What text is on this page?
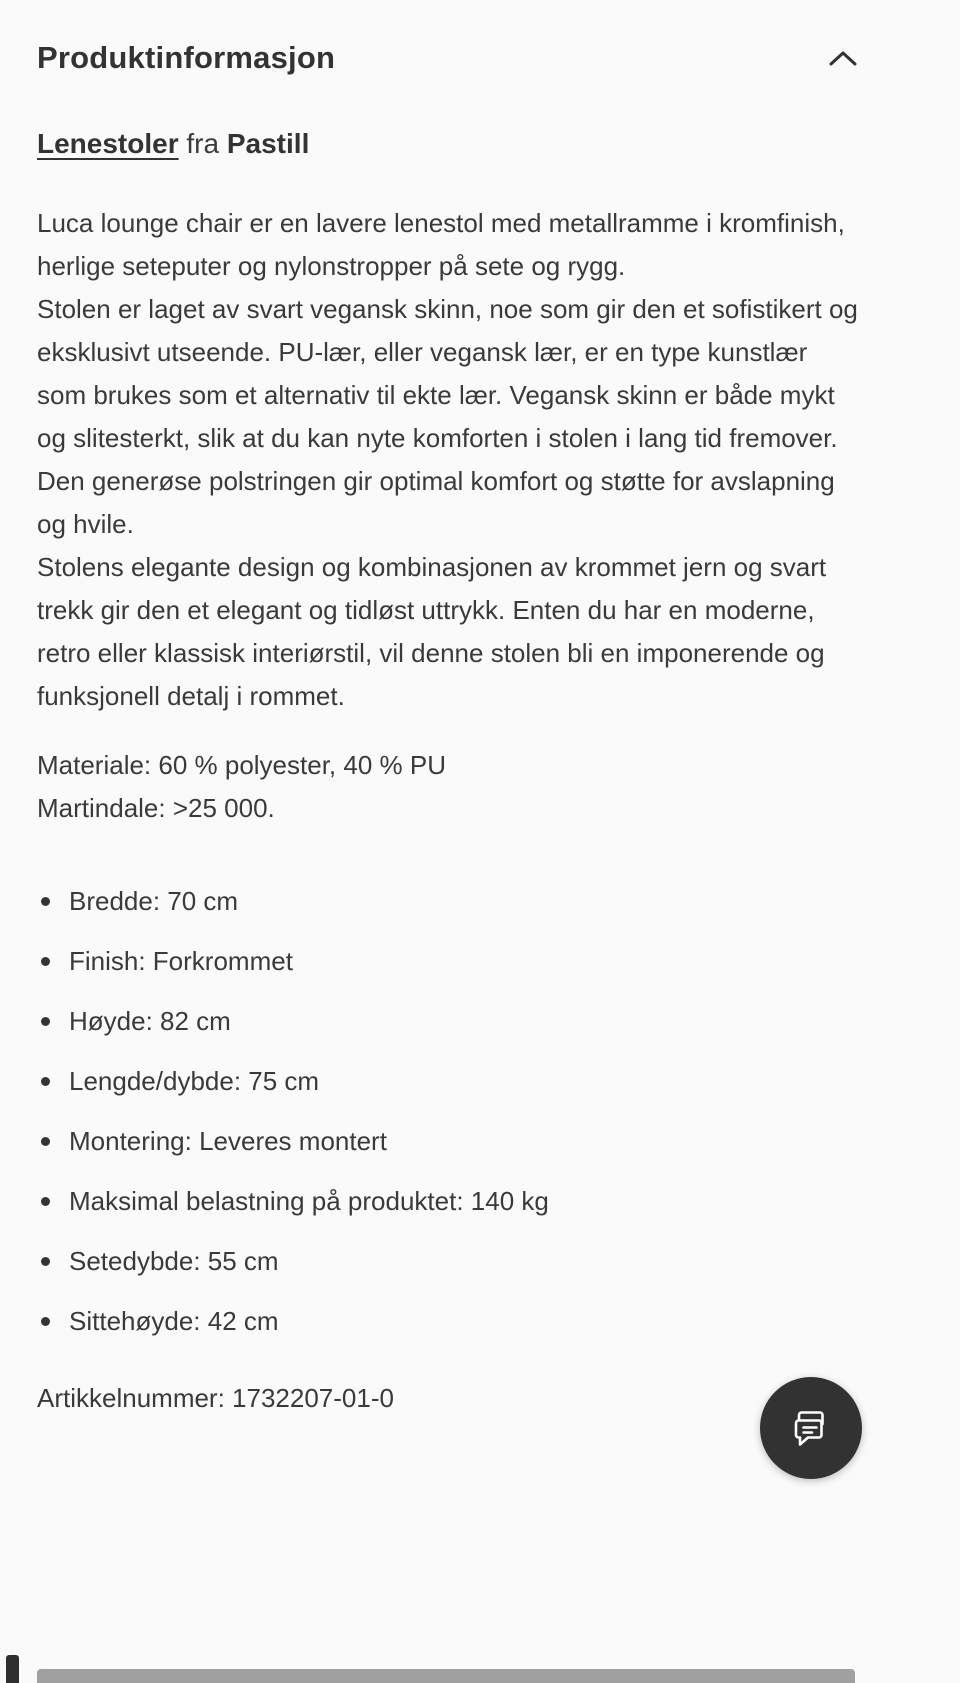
Produktinformasjon
Lenestoler fra Pastill

Luca lounge chair er en lavere lenestol med metallramme i kromfinish, herlige seteputer og nylonstropper på sete og rygg.

Stolen er laget av svart vegansk skinn, noe som gir den et sofistikert og eksklusivt utseende. PU-lær, eller vegansk lær, er en type kunstlær som brukes som et alternativ til ekte lær. Vegansk skinn er både mykt og slitesterkt, slik at du kan nyte komforten i stolen i lang tid fremover. Den generøse polstringen gir optimal komfort og støtte for avslapning og hvile.

Stolens elegante design og kombinasjonen av krommet jern og svart trekk gir den et elegant og tidløst uttrykk. Enten du har en moderne, retro eller klassisk interiørstil, vil denne stolen bli en imponerende og funksjonell detalj i rommet.

Materiale: 60 % polyester, 40 % PU

Martindale: >25 000.

Bredde: 70 cm
Finish: Forkrommet
Høyde: 82 cm
Lengde/dybde: 75 cm
Montering: Leveres montert
Maksimal belastning på produktet: 140 kg
Setedybde: 55 cm
Sittehøyde: 42 cm

Artikkelnummer: 1732207-01-0
